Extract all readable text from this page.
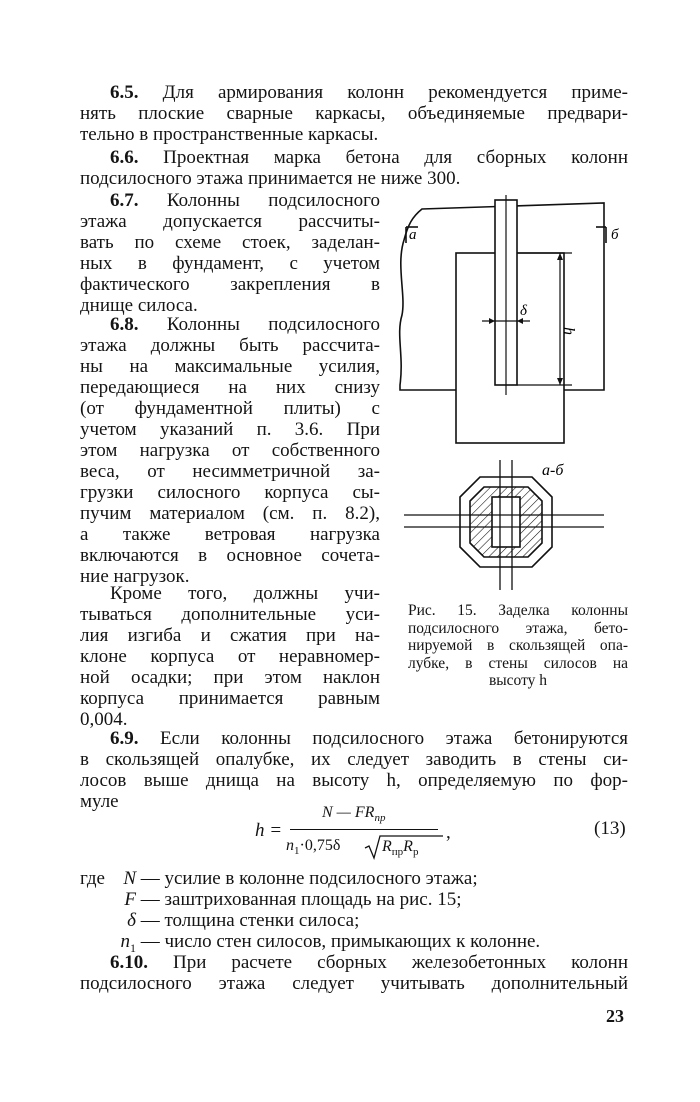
6.5. Для армирования колонн рекомендуется приме-
нять плоские сварные каркасы, объединяемые предвари-
тельно в пространственные каркасы.
6.6. Проектная марка бетона для сборных колонн
подсилосного этажа принимается не ниже 300.
6.7. Колонны подсилосного
этажа допускается рассчиты-
вать по схеме стоек, заделан-
ных в фундамент, с учетом
фактического закрепления в
днище силоса.
6.8. Колонны подсилосного
этажа должны быть рассчита-
ны на максимальные усилия,
передающиеся на них снизу
(от фундаментной плиты) с
учетом указаний п. 3.6. При
этом нагрузка от собственного
веса, от несимметричной за-
грузки силосного корпуса сы-
пучим материалом (см. п. 8.2),
а также ветровая нагрузка
включаются в основное сочета-
ние нагрузок.
Кроме того, должны учи-
тываться дополнительные уси-
лия изгиба и сжатия при на-
клоне корпуса от неравномер-
ной осадки; при этом наклон
корпуса принимается равным
0,004.
а	б
δ
h
а-б
Рис. 15. Заделка колонны
подсилосного этажа, бето-
нируемой в скользящей опа-
лубке, в стены силосов на
высоту h
6.9. Если колонны подсилосного этажа бетонируются
в скользящей опалубке, их следует заводить в стены си-
лосов выше днища на высоту h, определяемую по фор-
муле
h =
N — $FR_{пр}$
$n_1\cdot 0,75\delta$	$R_{пр}R_р$
,	(13)
где N — усилие в колонне подсилосного этажа;
F — заштрихованная площадь на рис. 15;
δ — толщина стенки силоса;
$n_1$ — число стен силосов, примыкающих к колонне.
6.10. При расчете сборных железобетонных колонн
подсилосного этажа следует учитывать дополнительный
23
